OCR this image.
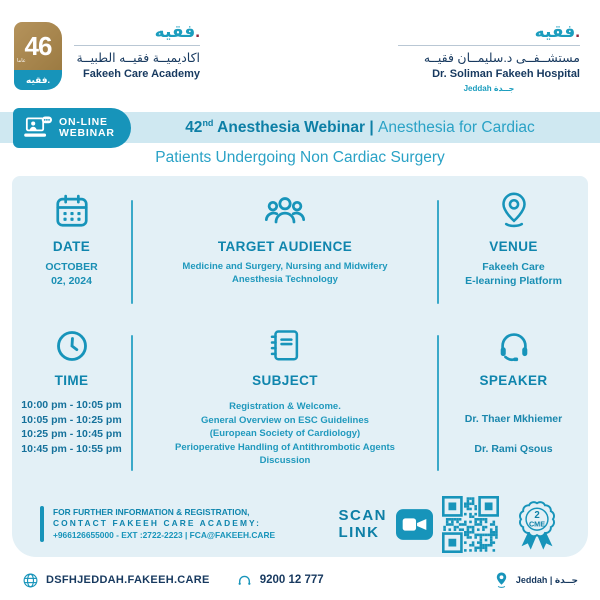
عاما
46
فقيه.
فقيه.
اكاديميــة فقيــه الطبيــة
Fakeeh Care Academy
فقيه.
مستشــفــى د.سليمــان فقيــه
Dr. Soliman Fakeeh Hospital
Jeddah جــدة
ON-LINE
WEBINAR	42nd Anesthesia Webinar | Anesthesia for Cardiac
Patients Undergoing Non Cardiac Surgery
DATE
OCTOBER
02, 2024
TARGET AUDIENCE
Medicine and Surgery, Nursing and Midwifery
Anesthesia Technology
VENUE
Fakeeh Care
E-learning Platform
TIME
10:00 pm - 10:05 pm
10:05 pm - 10:25 pm
10:25 pm - 10:45 pm
10:45 pm - 10:55 pm
SUBJECT
Registration & Welcome.
General Overview on ESC Guidelines
(European Society of Cardiology)
Perioperative Handling of Antithrombotic Agents
Discussion
SPEAKER
Dr. Thaer Mkhiemer
Dr. Rami Qsous
FOR FURTHER INFORMATION & REGISTRATION,
CONTACT FAKEEH CARE ACADEMY:
+966126655000 - EXT :2722-2223 | FCA@FAKEEH.CARE
SCAN
LINK
2
CME
DSFHJEDDAH.FAKEEH.CARE	9200 12 777	Jeddah | جــدة
